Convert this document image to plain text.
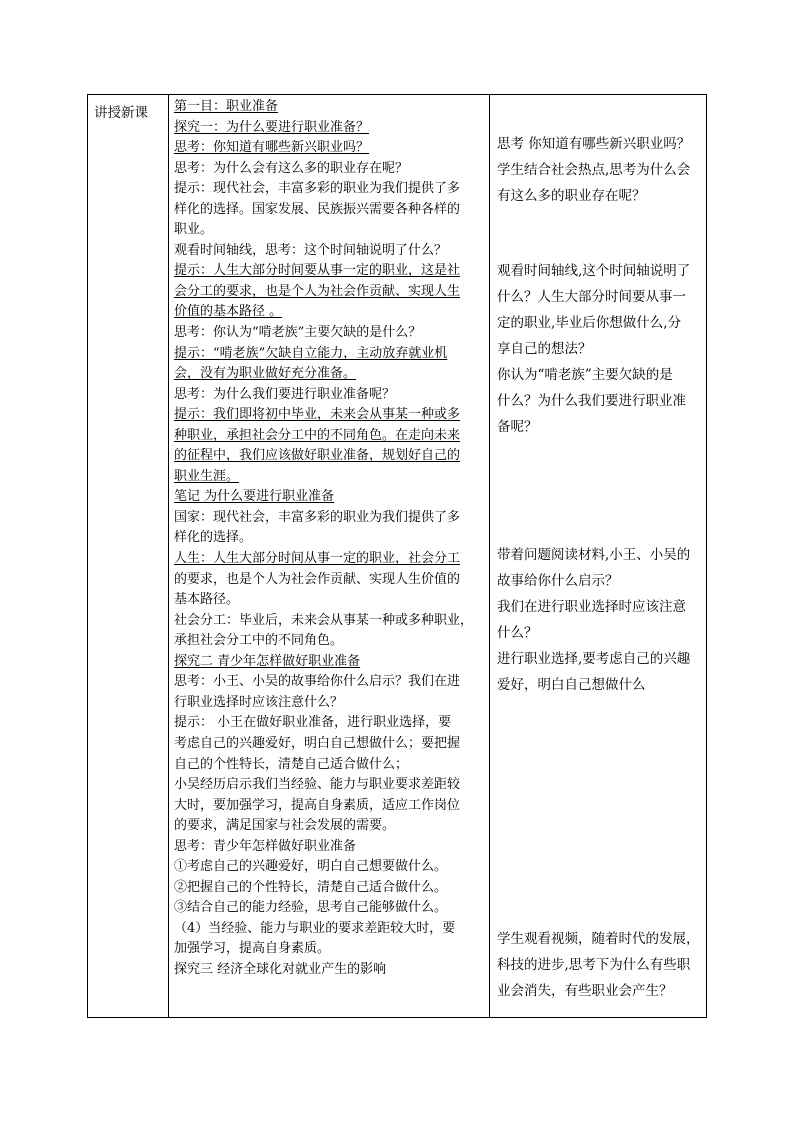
讲授新课 第一目：职业准备
探究一：为什么要进行职业准备？
思考：你知道有哪些新兴职业吗？
思考：为什么会有这么多的职业存在呢？
提示：现代社会，丰富多彩的职业为我们提供了多
样化的选择。国家发展、民族振兴需要各种各样的
职业。
观看时间轴线，思考：这个时间轴说明了什么？
提示：人生大部分时间要从事一定的职业，这是社
会分工的要求，也是个人为社会作贡献、实现人生
价值的基本路径 。
思考：你认为“啃老族”主要欠缺的是什么？
提示：“啃老族”欠缺自立能力，主动放弃就业机
会，没有为职业做好充分准备。
思考：为什么我们要进行职业准备呢？
提示：我们即将初中毕业，未来会从事某一种或多
种职业，承担社会分工中的不同角色。在走向未来
的征程中，我们应该做好职业准备，规划好自己的
职业生涯。
笔记 为什么要进行职业准备
国家：现代社会，丰富多彩的职业为我们提供了多
样化的选择。
人生：人生大部分时间从事一定的职业，社会分工
的要求，也是个人为社会作贡献、实现人生价值的
基本路径。
社会分工：毕业后，未来会从事某一种或多种职业，
承担社会分工中的不同角色。
探究二 青少年怎样做好职业准备
思考：小王、小吴的故事给你什么启示？我们在进
行职业选择时应该注意什么？
提示： 小王在做好职业准备，进行职业选择，要
考虑自己的兴趣爱好，明白自己想做什么；要把握
自己的个性特长，清楚自己适合做什么；
小吴经历启示我们当经验、能力与职业要求差距较
大时，要加强学习，提高自身素质，适应工作岗位
的要求，满足国家与社会发展的需要。
思考：青少年怎样做好职业准备
①考虑自己的兴趣爱好，明白自己想要做什么。
②把握自己的个性特长，清楚自己适合做什么。
③结合自己的能力经验，思考自己能够做什么。
（4）当经验、能力与职业的要求差距较大时，要
加强学习，提高自身素质。
探究三 经济全球化对就业产生的影响
思考 你知道有哪些新兴职业吗？
学生结合社会热点,思考为什么会
有这么多的职业存在呢？
观看时间轴线,这个时间轴说明了
什么？人生大部分时间要从事一
定的职业,毕业后你想做什么,分
享自己的想法？
你认为“啃老族”主要欠缺的是
什么？为什么我们要进行职业准
备呢？
带着问题阅读材料,小王、小吴的
故事给你什么启示？
我们在进行职业选择时应该注意
什么？
进行职业选择,要考虑自己的兴趣
爱好，明白自己想做什么
学生观看视频，随着时代的发展，
科技的进步,思考下为什么有些职
业会消失，有些职业会产生？
